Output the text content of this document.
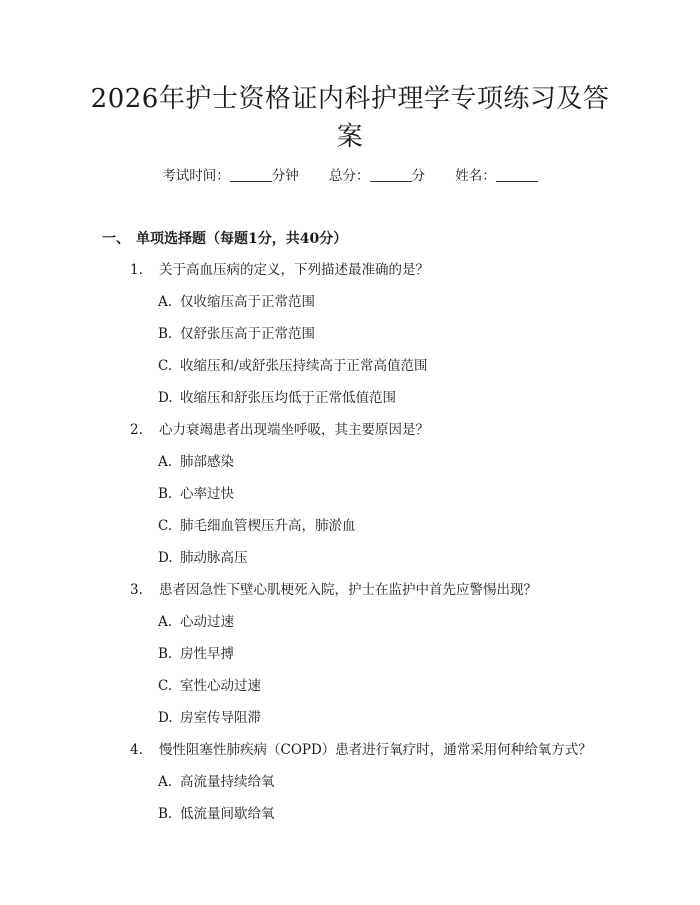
2026年护士资格证内科护理学专项练习及答案
考试时间：	分钟 总分：	分 姓名：
一、 单项选择题（每题1分，共40分）
1. 关于高血压病的定义，下列描述最准确的是？
A. 仅收缩压高于正常范围
B. 仅舒张压高于正常范围
C. 收缩压和/或舒张压持续高于正常高值范围
D. 收缩压和舒张压均低于正常低值范围
2. 心力衰竭患者出现端坐呼吸，其主要原因是？
A. 肺部感染
B. 心率过快
C. 肺毛细血管楔压升高，肺淤血
D. 肺动脉高压
3. 患者因急性下壁心肌梗死入院，护士在监护中首先应警惕出现？
A. 心动过速
B. 房性早搏
C. 室性心动过速
D. 房室传导阻滞
4. 慢性阻塞性肺疾病（COPD）患者进行氧疗时，通常采用何种给氧方式？
A. 高流量持续给氧
B. 低流量间歇给氧
